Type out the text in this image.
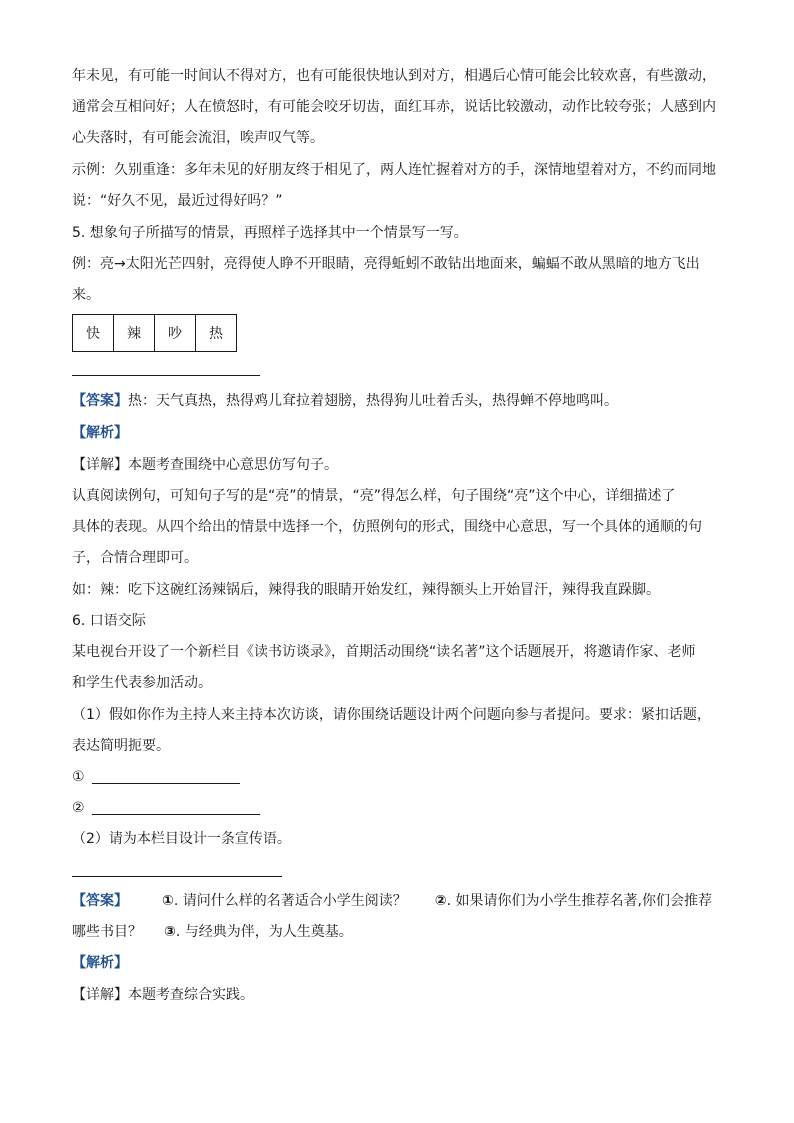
年未见，有可能一时间认不得对方，也有可能很快地认到对方，相遇后心情可能会比较欢喜，有些激动，
通常会互相问好；人在愤怒时，有可能会咬牙切齿，面红耳赤，说话比较激动，动作比较夸张；人感到内
心失落时，有可能会流泪，唉声叹气等。
示例：久别重逢：多年未见的好朋友终于相见了，两人连忙握着对方的手，深情地望着对方，不约而同地
说：“好久不见，最近过得好吗？”
5. 想象句子所描写的情景，再照样子选择其中一个情景写一写。
例：亮→太阳光芒四射，亮得使人睁不开眼睛，亮得蚯蚓不敢钻出地面来，蝙蝠不敢从黑暗的地方飞出
来。
快	辣	吵	热
【答案】热：天气真热，热得鸡儿耷拉着翅膀，热得狗儿吐着舌头，热得蝉不停地鸣叫。
【解析】
【详解】本题考查围绕中心意思仿写句子。
认真阅读例句，可知句子写的是“亮”的情景，“亮”得怎么样，句子围绕“亮”这个中心，详细描述了
具体的表现。从四个给出的情景中选择一个，仿照例句的形式，围绕中心意思，写一个具体的通顺的句
子，合情合理即可。
如：辣：吃下这碗红汤辣锅后，辣得我的眼睛开始发红，辣得额头上开始冒汗，辣得我直跺脚。
6. 口语交际
某电视台开设了一个新栏目《读书访谈录》，首期活动围绕“读名著”这个话题展开，将邀请作家、老师
和学生代表参加活动。
（1）假如你作为主持人来主持本次访谈，请你围绕话题设计两个问题向参与者提问。要求：紧扣话题，
表达简明扼要。
①
②
（2）请为本栏目设计一条宣传语。
【答案】 ①. 请问什么样的名著适合小学生阅读？ ②. 如果请你们为小学生推荐名著,你们会推荐
哪些书目？ ③. 与经典为伴，为人生奠基。
【解析】
【详解】本题考查综合实践。
